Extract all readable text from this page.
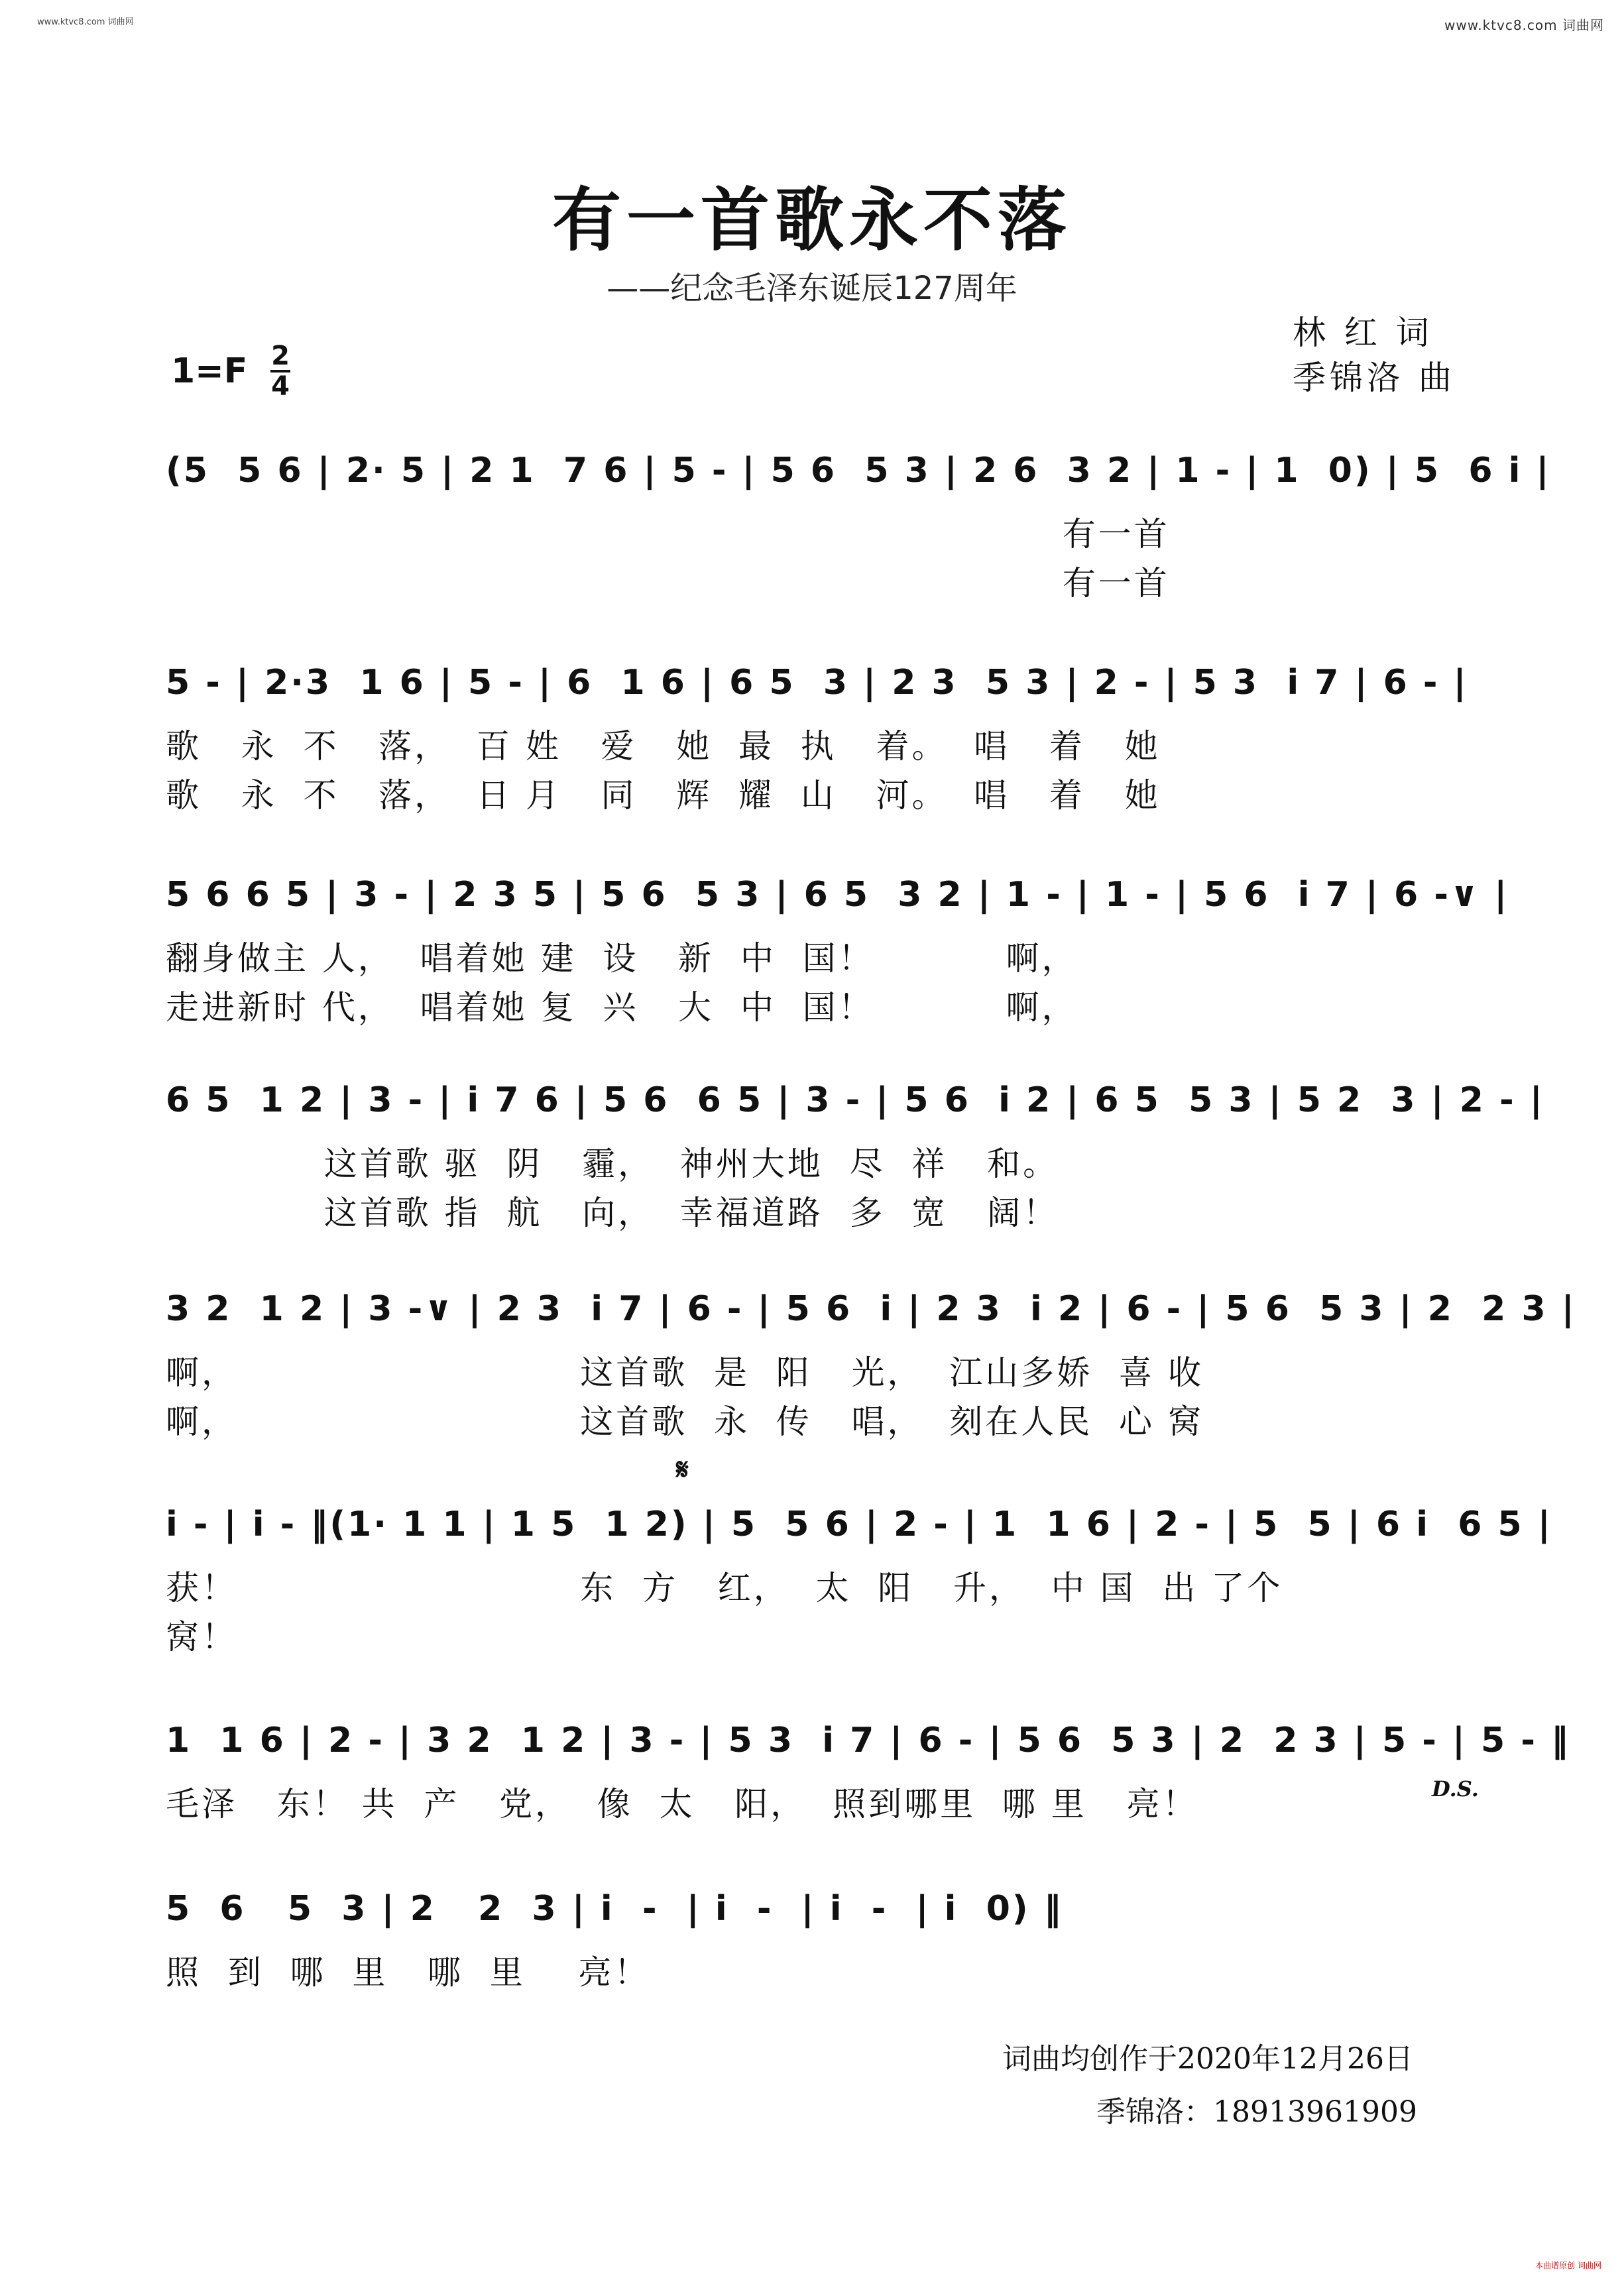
www.ktvc8.com 词曲网	www.ktvc8.com 词曲网
有一首歌永不落
——纪念毛泽东诞辰127周年
林 红 词
季锦洛 曲
1=F 2
4
(5  5 6 | 2· 5 | 2 1  7 6 | 5 - | 5 6  5 3 | 2 6  3 2 | 1 - | 1  0) | 5  6 i |
有一首
有一首
5 - | 2·3  1 6 | 5 - | 6  1 6 | 6 5  3 | 2 3  5 3 | 2 - | 5 3  i 7 | 6 - |
歌   永  不   落，  百 姓   爱   她  最  执   着。  唱   着   她
歌   永  不   落，  日 月   同   辉  耀  山   河。  唱   着   她
5 6 6 5 | 3 - | 2 3 5 | 5 6  5 3 | 6 5  3 2 | 1 - | 1 - | 5 6  i 7 | 6 -∨ |
翻身做主 人，  唱着她 建  设   新  中  国！          啊，
走进新时 代，  唱着她 复  兴   大  中  国！          啊，
6 5  1 2 | 3 - | i 7 6 | 5 6  6 5 | 3 - | 5 6  i 2 | 6 5  5 3 | 5 2  3 | 2 - |
这首歌 驱  阴   霾，  神州大地  尽  祥   和。
这首歌 指  航   向，  幸福道路  多  宽   阔！
3 2  1 2 | 3 -∨ | 2 3  i 7 | 6 - | 5 6  i | 2 3  i 2 | 6 - | 5 6  5 3 | 2  2 3 |
啊，                          这首歌  是  阳   光，  江山多娇  喜 收
啊，                          这首歌  永  传   唱，  刻在人民  心 窝
𝄋
i - | i - ‖(1· 1 1 | 1 5  1 2) | 5  5 6 | 2 - | 1  1 6 | 2 - | 5  5 | 6 i  6 5 |
获！                          东  方   红，  太  阳   升，  中 国  出 了个
窝！
1  1 6 | 2 - | 3 2  1 2 | 3 - | 5 3  i 7 | 6 - | 5 6  5 3 | 2  2 3 | 5 - | 5 - ‖
毛泽   东！ 共  产   党，  像  太   阳，  照到哪里  哪 里   亮！	D.S.
5  6   5  3 | 2   2  3 | i  -  | i  -  | i  -  | i  0) ‖
照  到  哪  里   哪  里    亮！
词曲均创作于2020年12月26日
季锦洛：18913961909
本曲谱原创 词曲网
